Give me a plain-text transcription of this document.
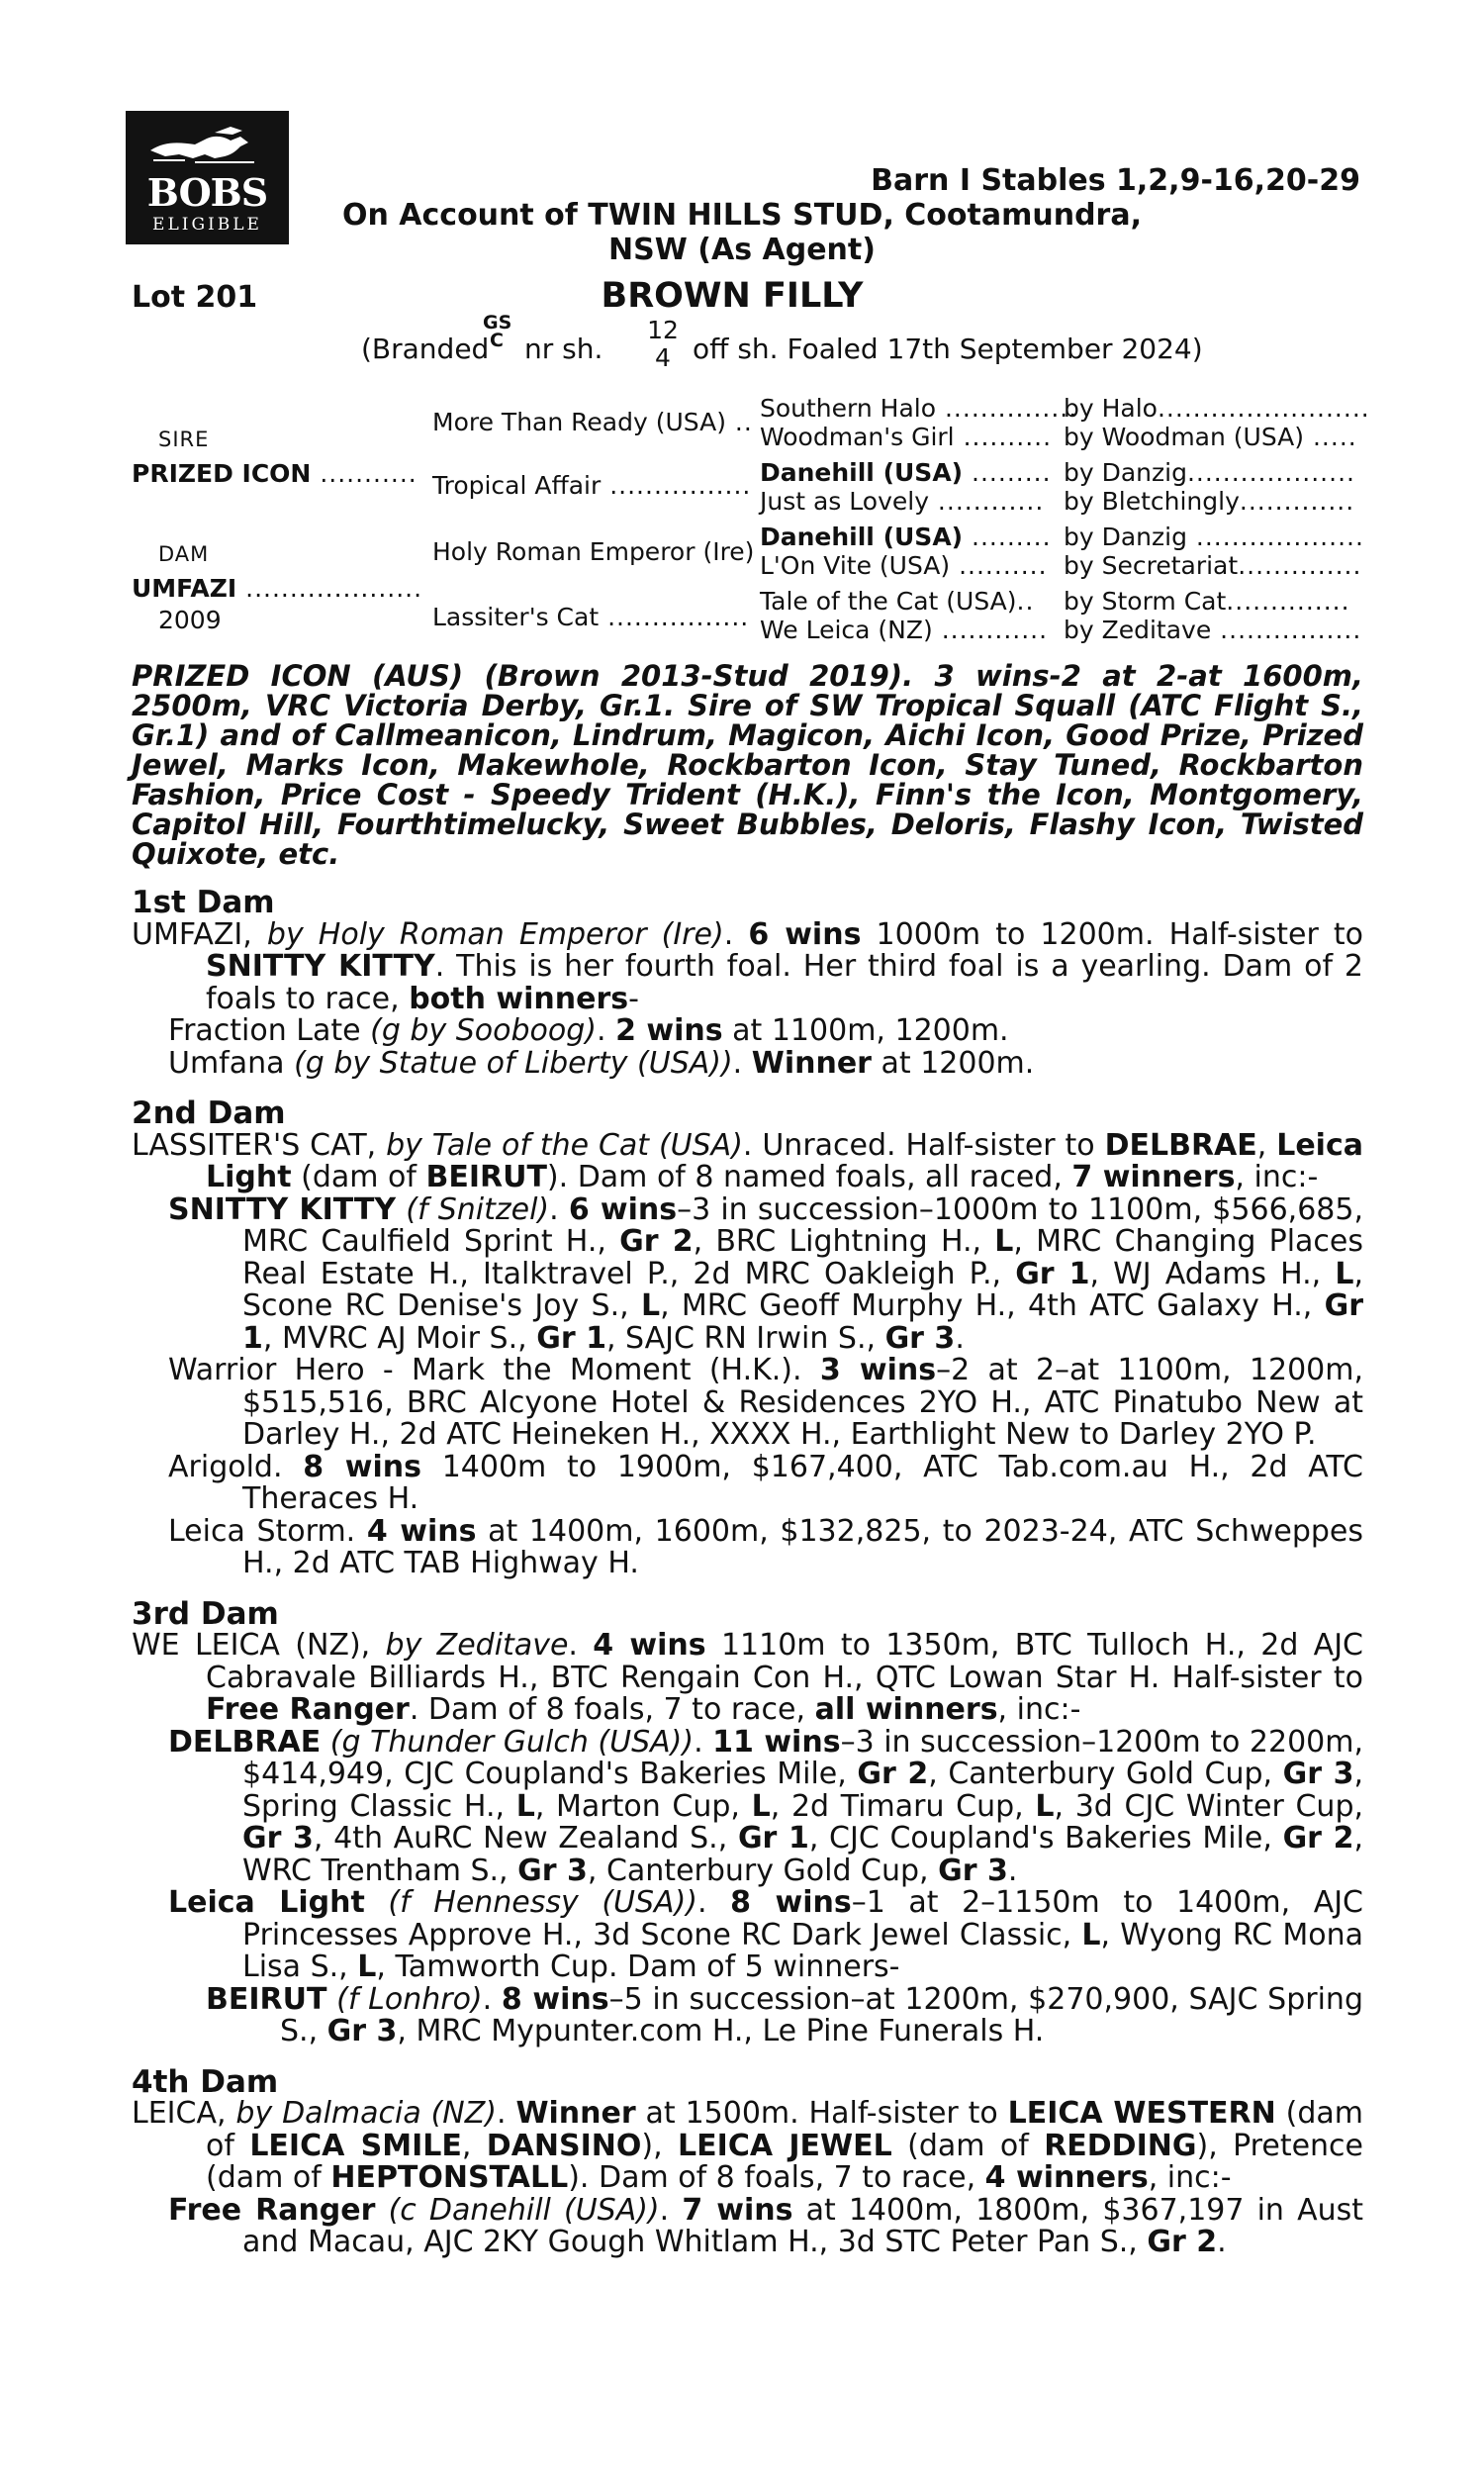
BOBS
ELIGIBLE
Barn I Stables 1,2,9-16,20-29
On Account of TWIN HILLS STUD, Cootamundra,
NSW (As Agent)
Lot 201	BROWN FILLY
(Branded
GS
C nr sh.
12
4 off sh. Foaled 17th September 2024)
SIRE
PRIZED ICON ...........
DAM
UMFAZI ....................
2009
More Than Ready (USA) ..
Tropical Affair ................
Holy Roman Emperor (Ire)
Lassiter's Cat ................
Southern Halo ...............
Woodman's Girl ..........
Danehill (USA) .........
Just as Lovely ............
Danehill (USA) .........
L'On Vite (USA) ..........
Tale of the Cat (USA)..
We Leica (NZ) ............
by Halo........................
by Woodman (USA) .....
by Danzig...................
by Bletchingly.............
by Danzig ...................
by Secretariat..............
by Storm Cat..............
by Zeditave ................

PRIZED ICON (AUS) (Brown 2013-Stud 2019). 3 wins-2 at 2-at 1600m, 2500m, VRC Victoria Derby, Gr.1. Sire of SW Tropical Squall (ATC Flight S., Gr.1) and of Callmeanicon, Lindrum, Magicon, Aichi Icon, Good Prize, Prized Jewel, Marks Icon, Makewhole, Rockbarton Icon, Stay Tuned, Rockbarton Fashion, Price Cost - Speedy Trident (H.K.), Finn's the Icon, Montgomery, Capitol Hill, Fourthtimelucky, Sweet Bubbles, Deloris, Flashy Icon, Twisted Quixote, etc.

1st Dam

UMFAZI, by Holy Roman Emperor (Ire). 6 wins 1000m to 1200m. Half-sister to SNITTY KITTY. This is her fourth foal. Her third foal is a yearling. Dam of 2 foals to race, both winners-

Fraction Late (g by Sooboog). 2 wins at 1100m, 1200m.

Umfana (g by Statue of Liberty (USA)). Winner at 1200m.

2nd Dam

LASSITER'S CAT, by Tale of the Cat (USA). Unraced. Half-sister to DELBRAE, Leica Light (dam of BEIRUT). Dam of 8 named foals, all raced, 7 winners, inc:-

SNITTY KITTY (f Snitzel). 6 wins–3 in succession–1000m to 1100m, $566,685, MRC Caulfield Sprint H., Gr 2, BRC Lightning H., L, MRC Changing Places Real Estate H., Italktravel P., 2d MRC Oakleigh P., Gr 1, WJ Adams H., L, Scone RC Denise's Joy S., L, MRC Geoff Murphy H., 4th ATC Galaxy H., Gr 1, MVRC AJ Moir S., Gr 1, SAJC RN Irwin S., Gr 3.

Warrior Hero - Mark the Moment (H.K.). 3 wins–2 at 2–at 1100m, 1200m, $515,516, BRC Alcyone Hotel & Residences 2YO H., ATC Pinatubo New at Darley H., 2d ATC Heineken H., XXXX H., Earthlight New to Darley 2YO P.

Arigold. 8 wins 1400m to 1900m, $167,400, ATC Tab.com.au H., 2d ATC Theraces H.

Leica Storm. 4 wins at 1400m, 1600m, $132,825, to 2023-24, ATC Schweppes H., 2d ATC TAB Highway H.

3rd Dam

WE LEICA (NZ), by Zeditave. 4 wins 1110m to 1350m, BTC Tulloch H., 2d AJC Cabravale Billiards H., BTC Rengain Con H., QTC Lowan Star H. Half-sister to Free Ranger. Dam of 8 foals, 7 to race, all winners, inc:-

DELBRAE (g Thunder Gulch (USA)). 11 wins–3 in succession–1200m to 2200m, $414,949, CJC Coupland's Bakeries Mile, Gr 2, Canterbury Gold Cup, Gr 3, Spring Classic H., L, Marton Cup, L, 2d Timaru Cup, L, 3d CJC Winter Cup, Gr 3, 4th AuRC New Zealand S., Gr 1, CJC Coupland's Bakeries Mile, Gr 2, WRC Trentham S., Gr 3, Canterbury Gold Cup, Gr 3.

Leica Light (f Hennessy (USA)). 8 wins–1 at 2–1150m to 1400m, AJC Princesses Approve H., 3d Scone RC Dark Jewel Classic, L, Wyong RC Mona Lisa S., L, Tamworth Cup. Dam of 5 winners-

BEIRUT (f Lonhro). 8 wins–5 in succession–at 1200m, $270,900, SAJC Spring S., Gr 3, MRC Mypunter.com H., Le Pine Funerals H.

4th Dam

LEICA, by Dalmacia (NZ). Winner at 1500m. Half-sister to LEICA WESTERN (dam of LEICA SMILE, DANSINO), LEICA JEWEL (dam of REDDING), Pretence (dam of HEPTONSTALL). Dam of 8 foals, 7 to race, 4 winners, inc:-

Free Ranger (c Danehill (USA)). 7 wins at 1400m, 1800m, $367,197 in Aust and Macau, AJC 2KY Gough Whitlam H., 3d STC Peter Pan S., Gr 2.
